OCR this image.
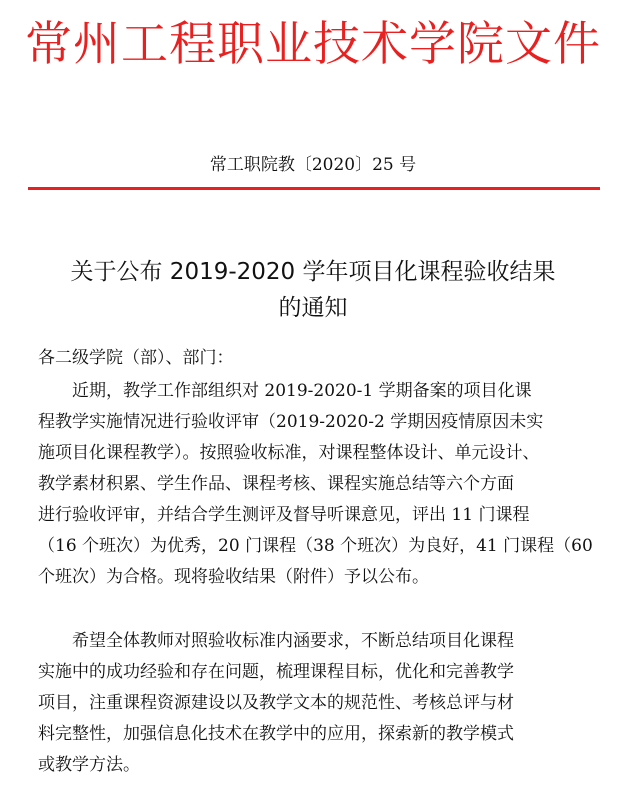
常州工程职业技术学院文件
常工职院教〔2020〕25 号
关于公布 2019-2020 学年项目化课程验收结果
的通知
各二级学院（部）、部门：
近期，教学工作部组织对 2019-2020-1 学期备案的项目化课
程教学实施情况进行验收评审（2019-2020-2 学期因疫情原因未实
施项目化课程教学）。按照验收标准，对课程整体设计、单元设计、
教学素材积累、学生作品、课程考核、课程实施总结等六个方面
进行验收评审，并结合学生测评及督导听课意见，评出 11 门课程
（16 个班次）为优秀，20 门课程（38 个班次）为良好，41 门课程（60
个班次）为合格。现将验收结果（附件）予以公布。
希望全体教师对照验收标准内涵要求，不断总结项目化课程
实施中的成功经验和存在问题，梳理课程目标，优化和完善教学
项目，注重课程资源建设以及教学文本的规范性、考核总评与材
料完整性，加强信息化技术在教学中的应用，探索新的教学模式
或教学方法。
